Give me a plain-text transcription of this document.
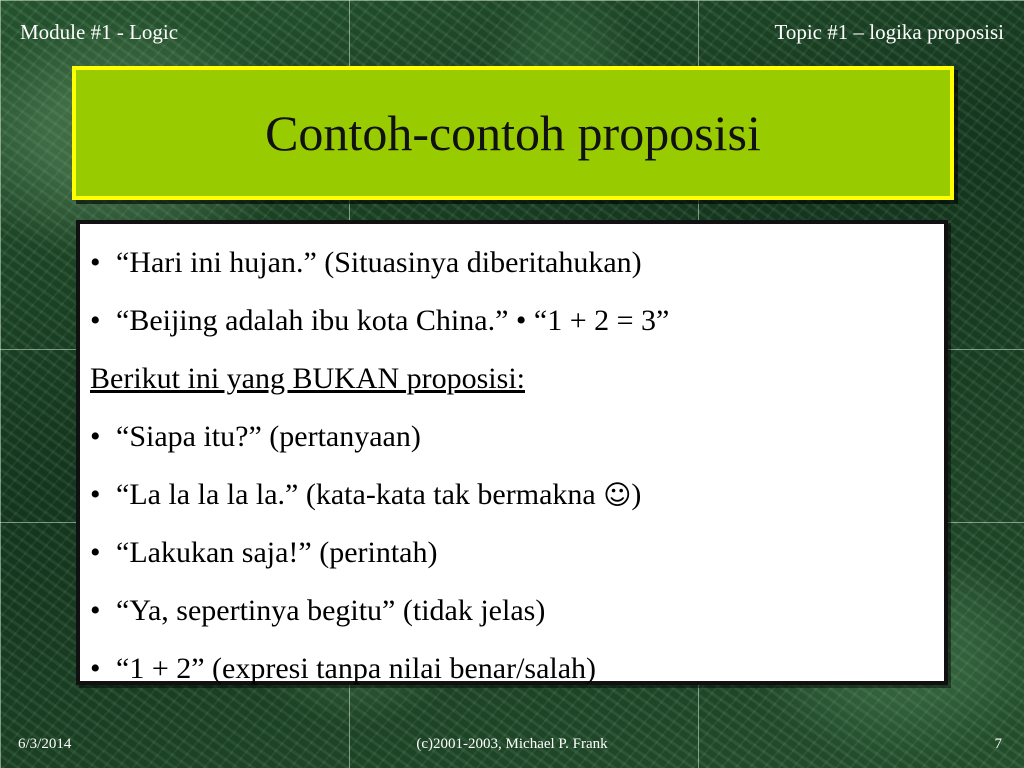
Module #1 - Logic	Topic #1 – logika proposisi
Contoh-contoh proposisi
• “Hari ini hujan.” (Situasinya diberitahukan)
• “Beijing adalah ibu kota China.” • “1 + 2 = 3”
Berikut ini yang BUKAN proposisi:
• “Siapa itu?” (pertanyaan)
• “La la la la la.” (kata-kata tak bermakna ☺)
• “Lakukan saja!” (perintah)
• “Ya, sepertinya begitu” (tidak jelas)
• “1 + 2” (expresi tanpa nilai benar/salah)
6/3/2014	(c)2001-2003, Michael P. Frank	7
